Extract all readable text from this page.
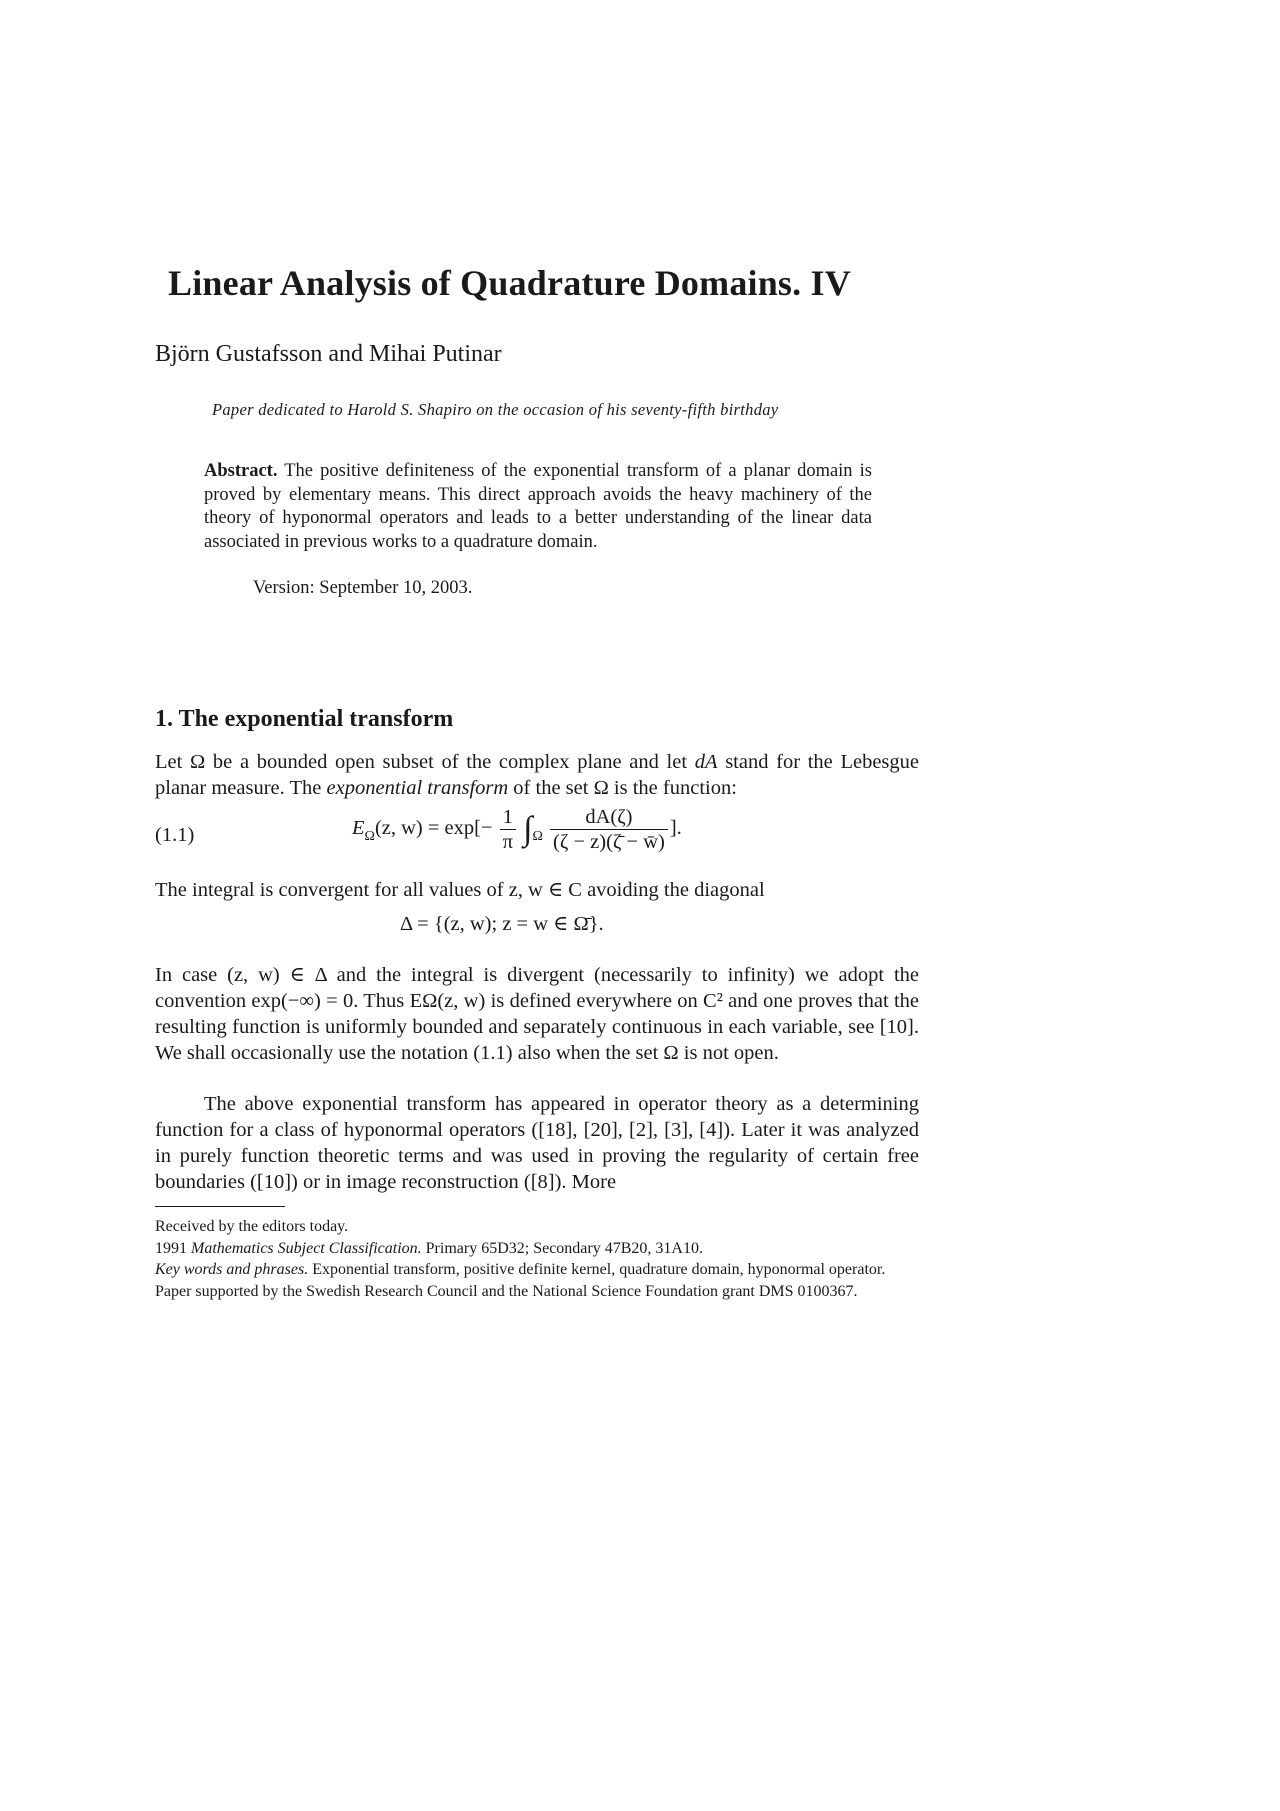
Linear Analysis of Quadrature Domains. IV
Björn Gustafsson and Mihai Putinar
Paper dedicated to Harold S. Shapiro on the occasion of his seventy-fifth birthday
Abstract. The positive definiteness of the exponential transform of a planar domain is proved by elementary means. This direct approach avoids the heavy machinery of the theory of hyponormal operators and leads to a better understanding of the linear data associated in previous works to a quadrature domain.
Version: September 10, 2003.
1. The exponential transform
Let Ω be a bounded open subset of the complex plane and let dA stand for the Lebesgue planar measure. The exponential transform of the set Ω is the function:
(1.1)	$E_\Omega(z$, $w) = \exp[- \frac{1}{\pi} \int_\Omega \frac{dA(\zeta)}{(\zeta - z)(\zetā - w̄)}$ ].
The integral is convergent for all values of z, w ∈ C avoiding the diagonal
Δ = {(z, w); z = w ∈ Ω̄}.
In case (z, w) ∈ Δ and the integral is divergent (necessarily to infinity) we adopt the convention exp(−∞) = 0. Thus EΩ(z, w) is defined everywhere on C² and one proves that the resulting function is uniformly bounded and separately continuous in each variable, see [10]. We shall occasionally use the notation (1.1) also when the set Ω is not open.
The above exponential transform has appeared in operator theory as a determining function for a class of hyponormal operators ([18], [20], [2], [3], [4]). Later it was analyzed in purely function theoretic terms and was used in proving the regularity of certain free boundaries ([10]) or in image reconstruction ([8]). More
Received by the editors today.
1991 Mathematics Subject Classification. Primary 65D32; Secondary 47B20, 31A10.
Key words and phrases. Exponential transform, positive definite kernel, quadrature domain, hyponormal operator.
Paper supported by the Swedish Research Council and the National Science Foundation grant DMS 0100367.
